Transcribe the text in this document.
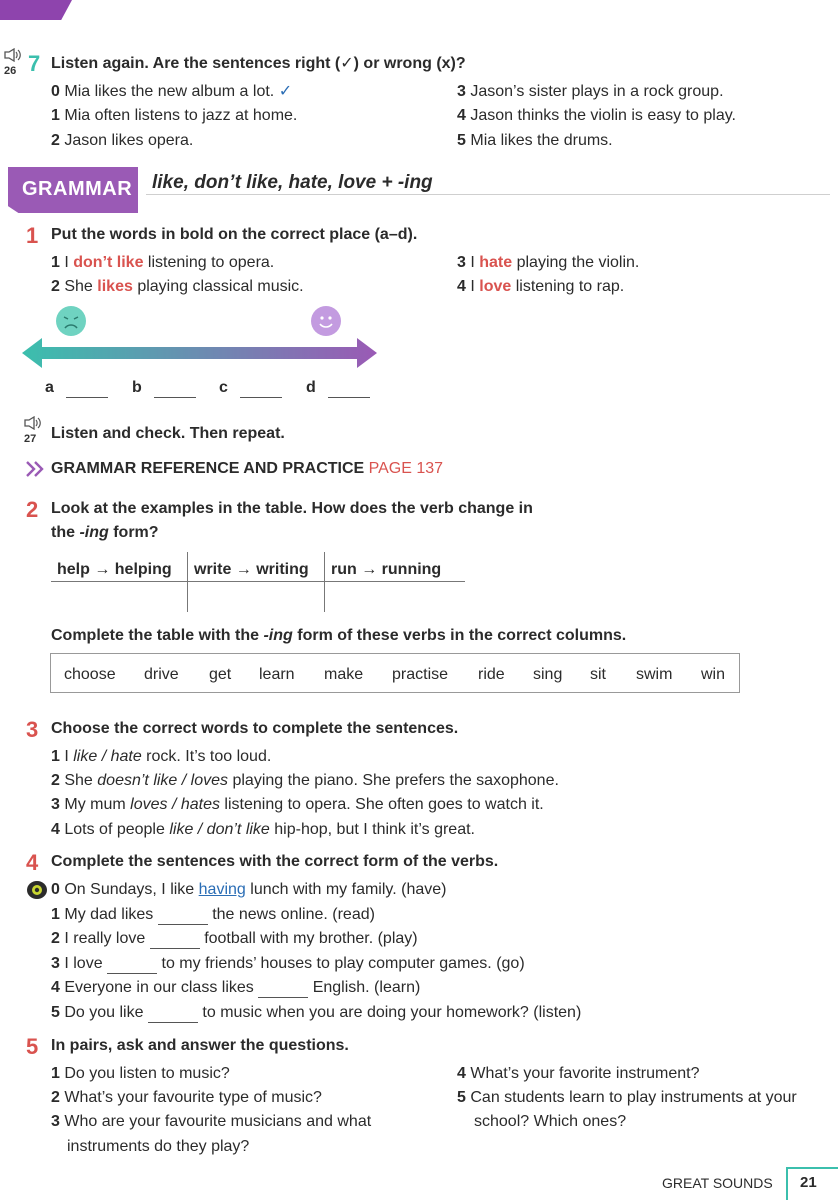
26 7 Listen again. Are the sentences right (✓) or wrong (x)?
0 Mia likes the new album a lot. ✓
1 Mia often listens to jazz at home.
2 Jason likes opera.
3 Jason’s sister plays in a rock group.
4 Jason thinks the violin is easy to play.
5 Mia likes the drums.
GRAMMAR like, don’t like, hate, love + -ing
1 Put the words in bold on the correct place (a–d).
1 I don’t like listening to opera.
2 She likes playing classical music.
3 I hate playing the violin.
4 I love listening to rap.
a	b	c	d
27 Listen and check. Then repeat.
GRAMMAR REFERENCE AND PRACTICE PAGE 137
2 Look at the examples in the table. How does the verb change in
the -ing form?
help → helping write → writing run → running
Complete the table with the -ing form of these verbs in the correct columns.
choose drive get learn make practise ride sing sit swim win
3 Choose the correct words to complete the sentences.
1 I like / hate rock. It’s too loud.
2 She doesn’t like / loves playing the piano. She prefers the saxophone.
3 My mum loves / hates listening to opera. She often goes to watch it.
4 Lots of people like / don’t like hip-hop, but I think it’s great.
4 Complete the sentences with the correct form of the verbs.
0 On Sundays, I like having lunch with my family. (have)
1 My dad likes	the news online. (read)
2 I really love	football with my brother. (play)
3 I love	to my friends’ houses to play computer games. (go)
4 Everyone in our class likes	English. (learn)
5 Do you like	to music when you are doing your homework? (listen)
5 In pairs, ask and answer the questions.
1 Do you listen to music?
2 What’s your favourite type of music?
3 Who are your favourite musicians and what
instruments do they play?
4 What’s your favorite instrument?
5 Can students learn to play instruments at your
school? Which ones?
GREAT SOUNDS 21
